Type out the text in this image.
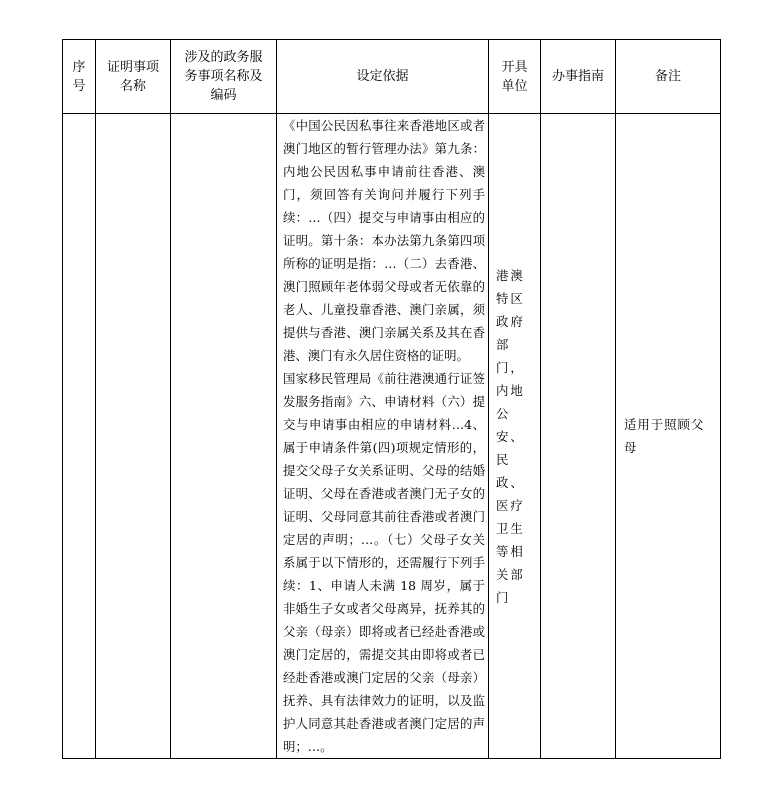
序
号	证明事项
名称	涉及的政务服
务事项名称及
编码	设定依据	开具
单位	办事指南	备注

			《中国公民因私事往来香港地区或者澳门地区的暂行管理办法》第九条：内地公民因私事申请前往香港、澳门，须回答有关询问并履行下列手续：…（四）提交与申请事由相应的证明。第十条：本办法第九条第四项所称的证明是指：…（二）去香港、澳门照顾年老体弱父母或者无依靠的老人、儿童投靠香港、澳门亲属，须提供与香港、澳门亲属关系及其在香港、澳门有永久居住资格的证明。

国家移民管理局《前往港澳通行证签发服务指南》六、申请材料（六）提交与申请事由相应的申请材料…4、属于申请条件第(四)项规定情形的，提交父母子女关系证明、父母的结婚证明、父母在香港或者澳门无子女的证明、父母同意其前往香港或者澳门定居的声明；…。（七）父母子女关系属于以下情形的，还需履行下列手续：1、申请人未满 18 周岁，属于非婚生子女或者父母离异，抚养其的父亲（母亲）即将或者已经赴香港或澳门定居的，需提交其由即将或者已经赴香港或澳门定居的父亲（母亲）抚养、具有法律效力的证明，以及监护人同意其赴香港或者澳门定居的声明；…。	港澳特区政府部门，内地公安、民政、医疗卫生等相关部门		适用于照顾父母
